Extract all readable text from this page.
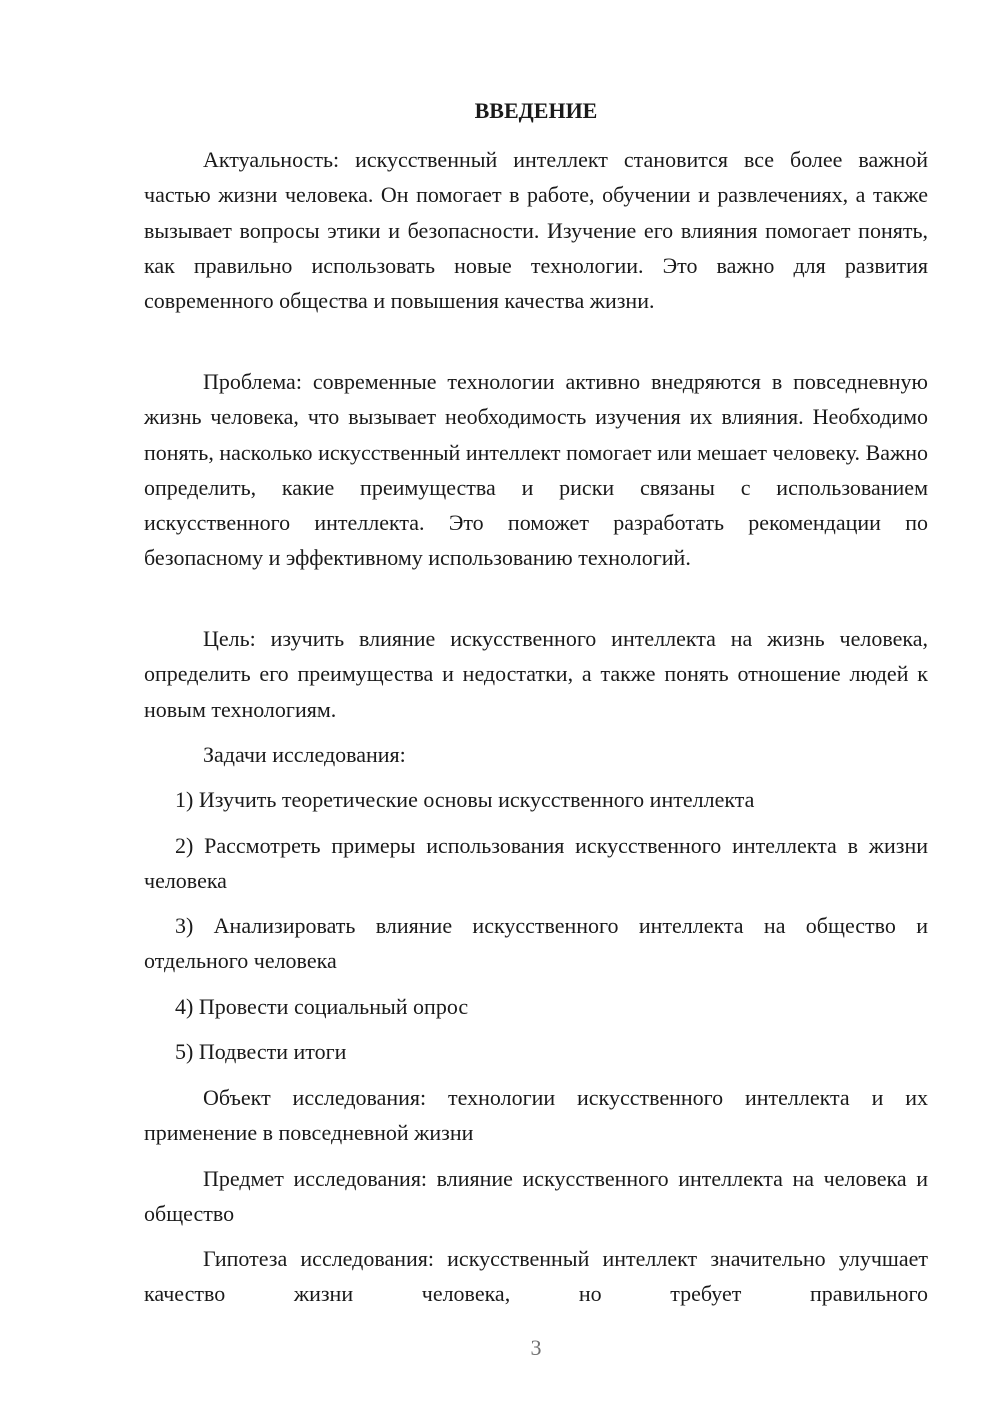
ВВЕДЕНИЕ

Актуальность: искусственный интеллект становится все более важной частью жизни человека. Он помогает в работе, обучении и развлечениях, а также вызывает вопросы этики и безопасности. Изучение его влияния помогает понять, как правильно использовать новые технологии. Это важно для развития современного общества и повышения качества жизни.

Проблема: современные технологии активно внедряются в повседневную жизнь человека, что вызывает необходимость изучения их влияния. Необходимо понять, насколько искусственный интеллект помогает или мешает человеку. Важно определить, какие преимущества и риски связаны с использованием искусственного интеллекта. Это поможет разработать рекомендации по безопасному и эффективному использованию технологий.

Цель: изучить влияние искусственного интеллекта на жизнь человека, определить его преимущества и недостатки, а также понять отношение людей к новым технологиям.

Задачи исследования:

1) Изучить теоретические основы искусственного интеллекта

2) Рассмотреть примеры использования искусственного интеллекта в жизни человека

3) Анализировать влияние искусственного интеллекта на общество и отдельного человека

4) Провести социальный опрос

5) Подвести итоги

Объект исследования: технологии искусственного интеллекта и их применение в повседневной жизни

Предмет исследования: влияние искусственного интеллекта на человека и общество

Гипотеза исследования: искусственный интеллект значительно улучшает качество жизни человека, но требует правильного

3
